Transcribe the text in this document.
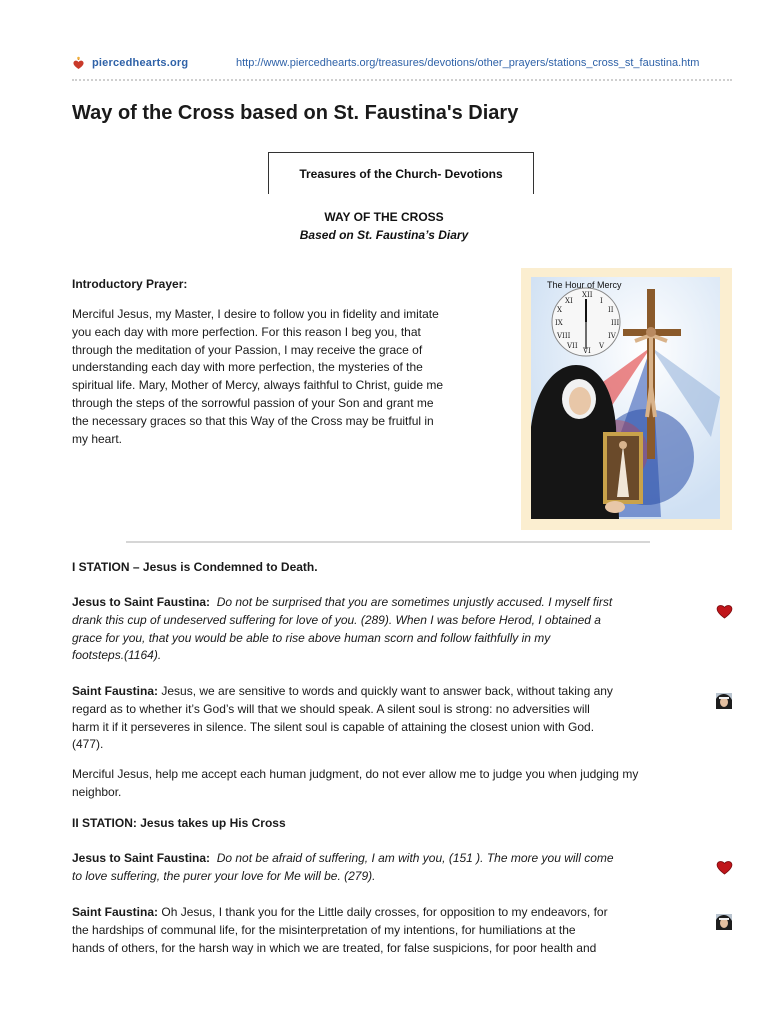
piercedhearts.org	http://www.piercedhearts.org/treasures/devotions/other_prayers/stations_cross_st_faustina.htm
Way of the Cross based on St. Faustina's Diary
Treasures of the Church- Devotions
WAY OF THE CROSS
Based on St. Faustina’s Diary
Introductory Prayer:
Merciful Jesus, my Master, I desire to follow you in fidelity and imitate
you each day with more perfection. For this reason I beg you, that
through the meditation of your Passion, I may receive the grace of
understanding each day with more perfection, the mysteries of the
spiritual life. Mary, Mother of Mercy, always faithful to Christ, guide me
through the steps of the sorrowful passion of your Son and grant me
the necessary graces so that this Way of the Cross may be fruitful in
my heart.
XII
III
VI
IX
I
II
IV
V
VII
VIII
X
XI
The Hour of Mercy
I STATION – Jesus is Condemned to Death.
Jesus to Saint Faustina: Do not be surprised that you are sometimes unjustly accused. I myself first
drank this cup of undeserved suffering for love of you. (289). When I was before Herod, I obtained a
grace for you, that you would be able to rise above human scorn and follow faithfully in my
footsteps.(1164).
Saint Faustina: Jesus, we are sensitive to words and quickly want to answer back, without taking any
regard as to whether it’s God’s will that we should speak. A silent soul is strong: no adversities will
harm it if it perseveres in silence. The silent soul is capable of attaining the closest union with God.
(477).
Merciful Jesus, help me accept each human judgment, do not ever allow me to judge you when judging my
neighbor.
II STATION: Jesus takes up His Cross
Jesus to Saint Faustina: Do not be afraid of suffering, I am with you, (151 ). The more you will come
to love suffering, the purer your love for Me will be. (279).
Saint Faustina: Oh Jesus, I thank you for the Little daily crosses, for opposition to my endeavors, for
the hardships of communal life, for the misinterpretation of my intentions, for humiliations at the
hands of others, for the harsh way in which we are treated, for false suspicions, for poor health and
